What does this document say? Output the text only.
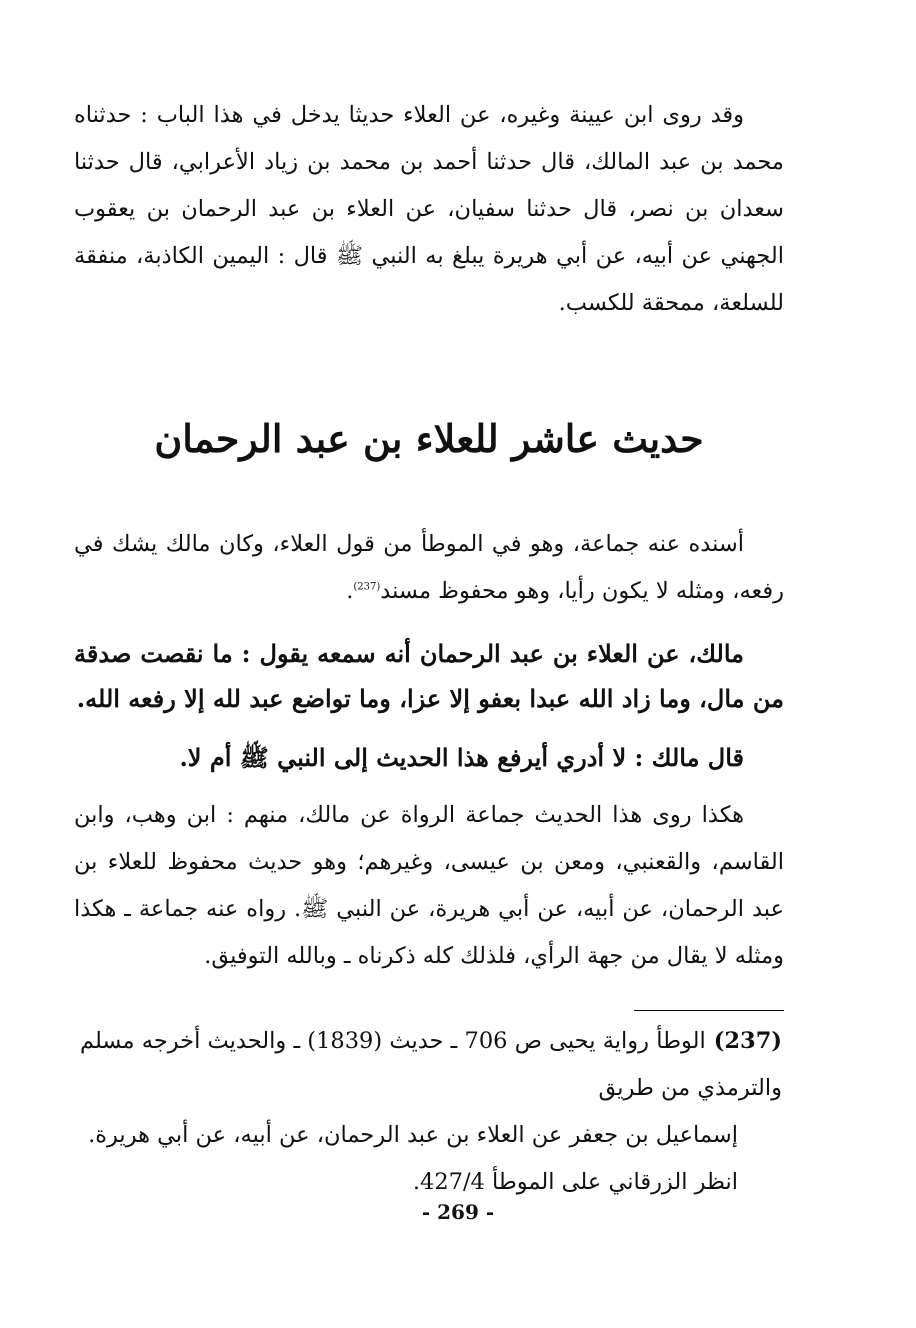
وقد روى ابن عيينة وغيره، عن العلاء حديثا يدخل في هذا الباب : حدثناه محمد بن عبد المالك، قال حدثنا أحمد بن محمد بن زياد الأعرابي، قال حدثنا سعدان بن نصر، قال حدثنا سفيان، عن العلاء بن عبد الرحمان بن يعقوب الجهني عن أبيه، عن أبي هريرة يبلغ به النبي ﷺ قال : اليمين الكاذبة، منفقة للسلعة، ممحقة للكسب.

حديث عاشر للعلاء بن عبد الرحمان

أسنده عنه جماعة، وهو في الموطأ من قول العلاء، وكان مالك يشك في رفعه، ومثله لا يكون رأيا، وهو محفوظ مسند$^{(237)}$.

مالك، عن العلاء بن عبد الرحمان أنه سمعه يقول : ما نقصت صدقة من مال، وما زاد الله عبدا بعفو إلا عزا، وما تواضع عبد لله إلا رفعه الله.

قال مالك : لا أدري أيرفع هذا الحديث إلى النبي ﷺ أم لا.

هكذا روى هذا الحديث جماعة الرواة عن مالك، منهم : ابن وهب، وابن القاسم، والقعنبي، ومعن بن عيسى، وغيرهم؛ وهو حديث محفوظ للعلاء بن عبد الرحمان، عن أبيه، عن أبي هريرة، عن النبي ﷺ. رواه عنه جماعة ـ هكذا ومثله لا يقال من جهة الرأي، فلذلك كله ذكرناه ـ وبالله التوفيق.

(237)الوطأ رواية يحيى ص 706 ـ حديث (1839) ـ والحديث أخرجه مسلم والترمذي من طريق

إسماعيل بن جعفر عن العلاء بن عبد الرحمان، عن أبيه، عن أبي هريرة.

انظر الزرقاني على الموطأ 427/4.

- 269 -
